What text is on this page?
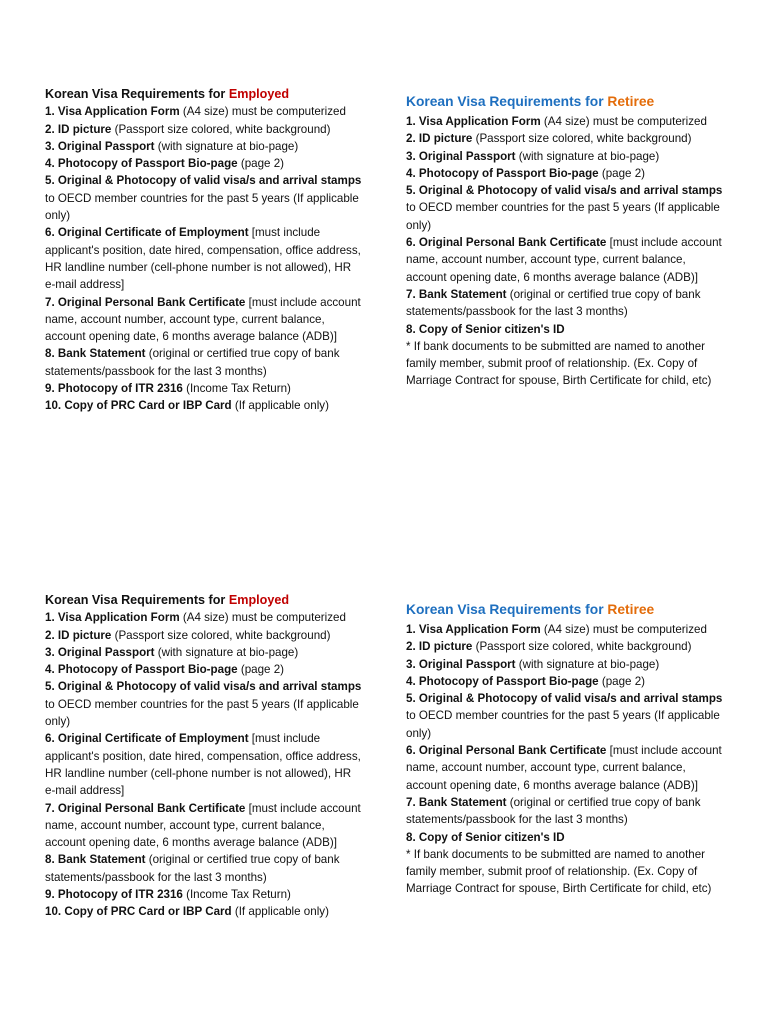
Korean Visa Requirements for Employed

1. Visa Application Form (A4 size) must be computerized

2. ID picture (Passport size colored, white background)

3. Original Passport (with signature at bio-page)

4. Photocopy of Passport Bio-page (page 2)

5. Original & Photocopy of valid visa/s and arrival stamps to OECD member countries for the past 5 years (If applicable only)

6. Original Certificate of Employment [must include applicant's position, date hired, compensation, office address, HR landline number (cell-phone number is not allowed), HR e-mail address]

7. Original Personal Bank Certificate [must include account name, account number, account type, current balance, account opening date, 6 months average balance (ADB)]

8. Bank Statement (original or certified true copy of bank statements/passbook for the last 3 months)

9. Photocopy of ITR 2316 (Income Tax Return)

10. Copy of PRC Card or IBP Card (If applicable only)

Korean Visa Requirements for Retiree

1. Visa Application Form (A4 size) must be computerized

2. ID picture (Passport size colored, white background)

3. Original Passport (with signature at bio-page)

4. Photocopy of Passport Bio-page (page 2)

5. Original & Photocopy of valid visa/s and arrival stamps to OECD member countries for the past 5 years (If applicable only)

6. Original Personal Bank Certificate [must include account name, account number, account type, current balance, account opening date, 6 months average balance (ADB)]

7. Bank Statement (original or certified true copy of bank statements/passbook for the last 3 months)

8. Copy of Senior citizen's ID

* If bank documents to be submitted are named to another family member, submit proof of relationship. (Ex. Copy of Marriage Contract for spouse, Birth Certificate for child, etc)

Korean Visa Requirements for Employed

1. Visa Application Form (A4 size) must be computerized

2. ID picture (Passport size colored, white background)

3. Original Passport (with signature at bio-page)

4. Photocopy of Passport Bio-page (page 2)

5. Original & Photocopy of valid visa/s and arrival stamps to OECD member countries for the past 5 years (If applicable only)

6. Original Certificate of Employment [must include applicant's position, date hired, compensation, office address, HR landline number (cell-phone number is not allowed), HR e-mail address]

7. Original Personal Bank Certificate [must include account name, account number, account type, current balance, account opening date, 6 months average balance (ADB)]

8. Bank Statement (original or certified true copy of bank statements/passbook for the last 3 months)

9. Photocopy of ITR 2316 (Income Tax Return)

10. Copy of PRC Card or IBP Card (If applicable only)

Korean Visa Requirements for Retiree

1. Visa Application Form (A4 size) must be computerized

2. ID picture (Passport size colored, white background)

3. Original Passport (with signature at bio-page)

4. Photocopy of Passport Bio-page (page 2)

5. Original & Photocopy of valid visa/s and arrival stamps to OECD member countries for the past 5 years (If applicable only)

6. Original Personal Bank Certificate [must include account name, account number, account type, current balance, account opening date, 6 months average balance (ADB)]

7. Bank Statement (original or certified true copy of bank statements/passbook for the last 3 months)

8. Copy of Senior citizen's ID

* If bank documents to be submitted are named to another family member, submit proof of relationship. (Ex. Copy of Marriage Contract for spouse, Birth Certificate for child, etc)
